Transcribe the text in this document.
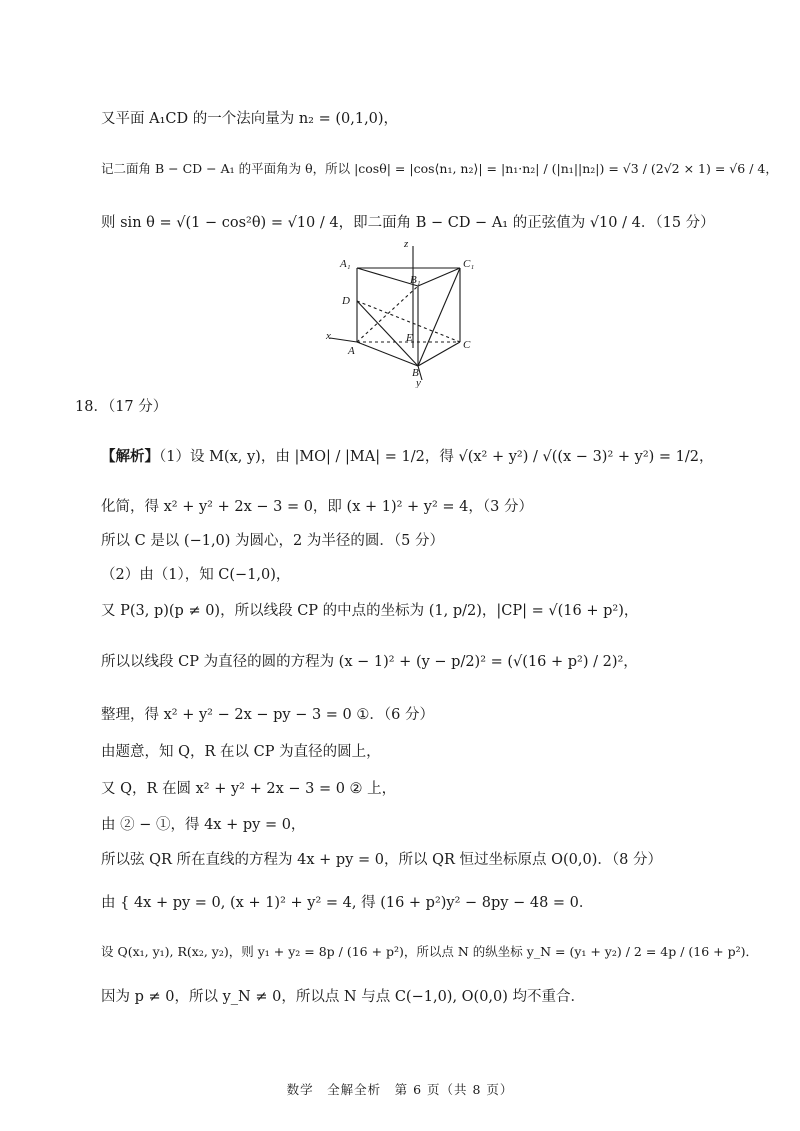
又平面 A₁CD 的一个法向量为 n₂ = (0,1,0)，
记二面角 B − CD − A₁ 的平面角为 θ，所以 |cosθ| = |cos⟨n₁, n₂⟩| = |n₁·n₂| / (|n₁||n₂|) = √3 / (2√2 × 1) = √6 / 4，
则 sin θ = √(1 − cos²θ) = √10 / 4，即二面角 B − CD − A₁ 的正弦值为 √10 / 4．（15 分）
z
A₁	C₁
B₁
D
x
A
E
C
B
y
18．（17 分）
【解析】（1）设 M(x, y)，由 |MO| / |MA| = 1/2，得 √(x² + y²) / √((x − 3)² + y²) = 1/2，
化简，得 x² + y² + 2x − 3 = 0，即 (x + 1)² + y² = 4，（3 分）
所以 C 是以 (−1,0) 为圆心，2 为半径的圆．（5 分）
（2）由（1），知 C(−1,0)，
又 P(3, p)(p ≠ 0)，所以线段 CP 的中点的坐标为 (1, p/2)，|CP| = √(16 + p²)，
所以以线段 CP 为直径的圆的方程为 (x − 1)² + (y − p/2)² = (√(16 + p²) / 2)²，
整理，得 x² + y² − 2x − py − 3 = 0 ①．（6 分）
由题意，知 Q，R 在以 CP 为直径的圆上，
又 Q，R 在圆 x² + y² + 2x − 3 = 0 ② 上，
由 ② − ①，得 4x + py = 0，
所以弦 QR 所在直线的方程为 4x + py = 0，所以 QR 恒过坐标原点 O(0,0)．（8 分）
由 { 4x + py = 0, (x + 1)² + y² = 4, 得 (16 + p²)y² − 8py − 48 = 0．
设 Q(x₁, y₁), R(x₂, y₂)，则 y₁ + y₂ = 8p / (16 + p²)，所以点 N 的纵坐标 y_N = (y₁ + y₂) / 2 = 4p / (16 + p²)．
因为 p ≠ 0，所以 y_N ≠ 0，所以点 N 与点 C(−1,0), O(0,0) 均不重合．
数学　全解全析　第 6 页（共 8 页）
